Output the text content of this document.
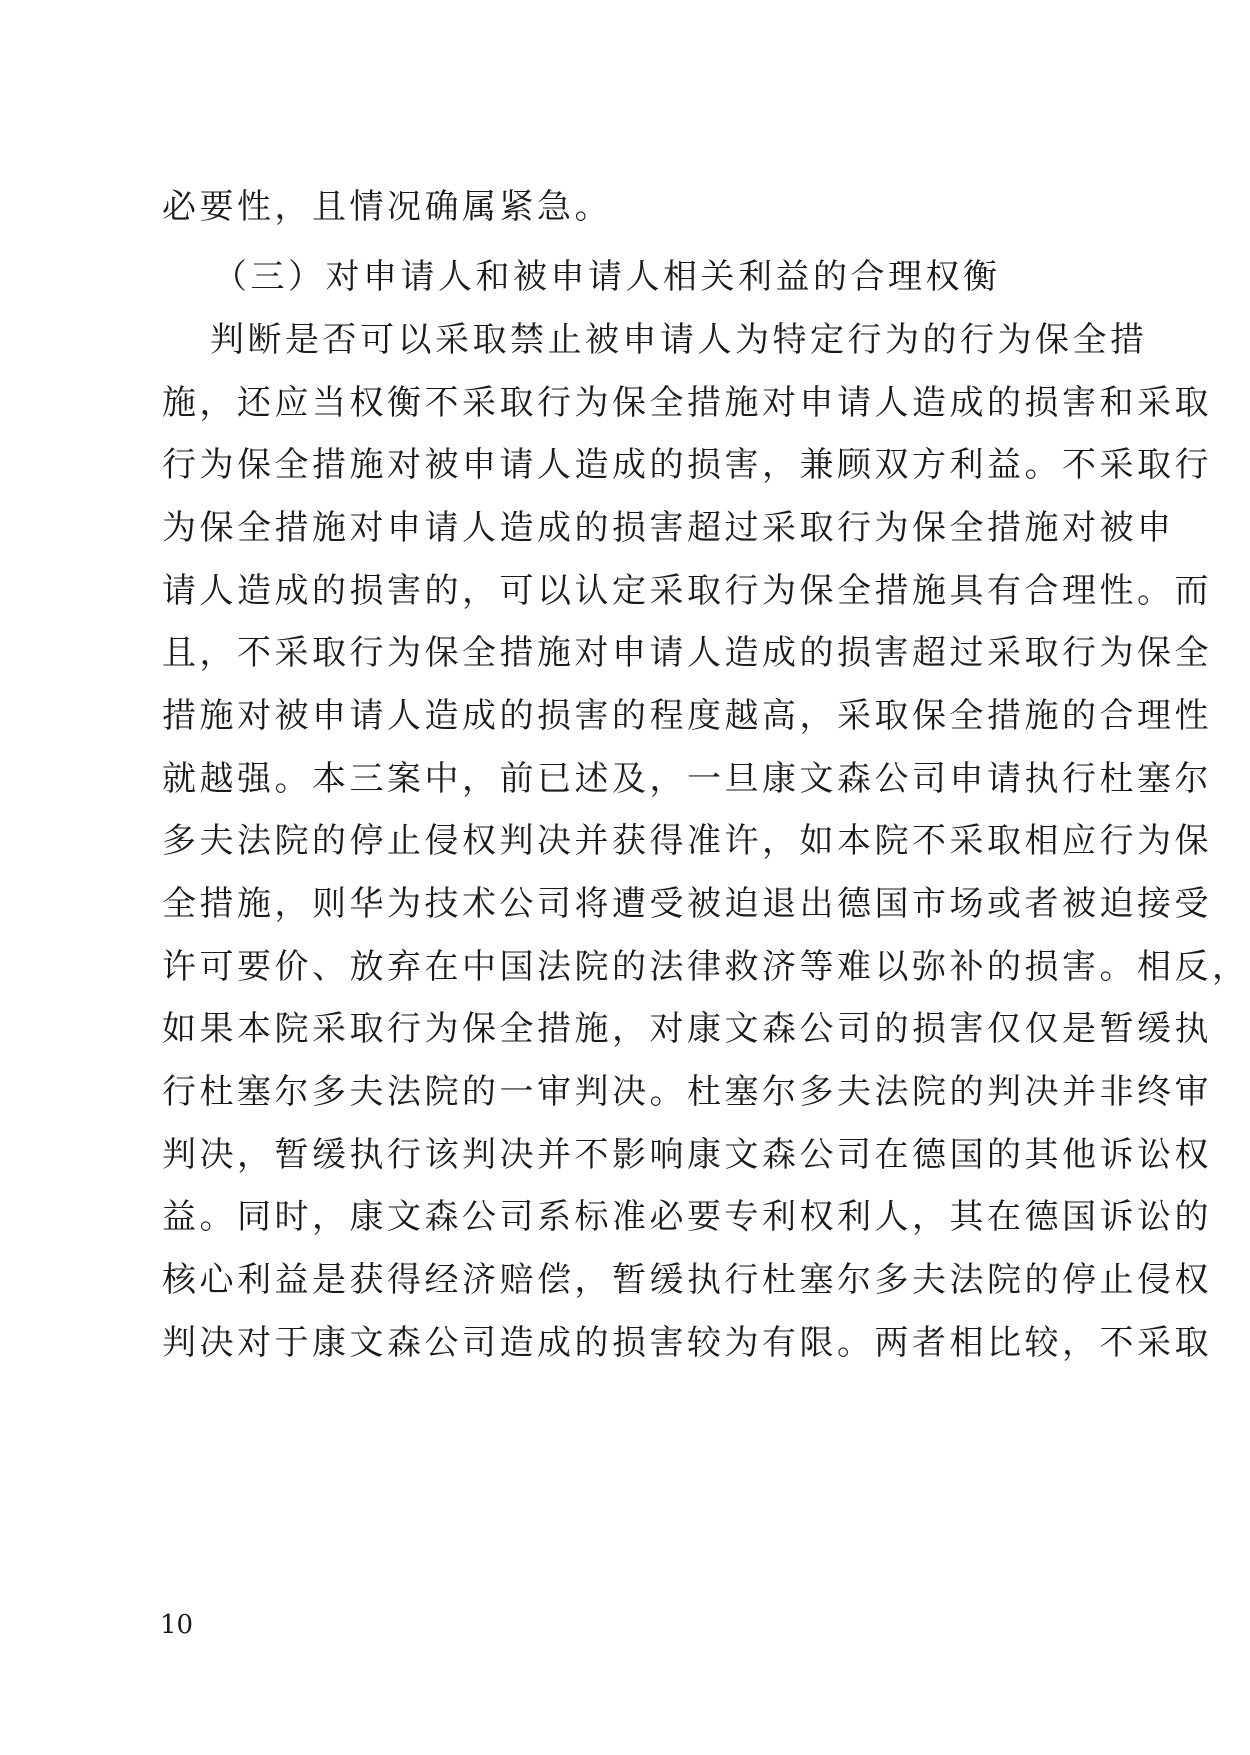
必要性，且情况确属紧急。
（三）对申请人和被申请人相关利益的合理权衡
判断是否可以采取禁止被申请人为特定行为的行为保全措
施，还应当权衡不采取行为保全措施对申请人造成的损害和采取
行为保全措施对被申请人造成的损害，兼顾双方利益。不采取行
为保全措施对申请人造成的损害超过采取行为保全措施对被申
请人造成的损害的，可以认定采取行为保全措施具有合理性。而
且，不采取行为保全措施对申请人造成的损害超过采取行为保全
措施对被申请人造成的损害的程度越高，采取保全措施的合理性
就越强。本三案中，前已述及，一旦康文森公司申请执行杜塞尔
多夫法院的停止侵权判决并获得准许，如本院不采取相应行为保
全措施，则华为技术公司将遭受被迫退出德国市场或者被迫接受
许可要价、放弃在中国法院的法律救济等难以弥补的损害。相反，
如果本院采取行为保全措施，对康文森公司的损害仅仅是暂缓执
行杜塞尔多夫法院的一审判决。杜塞尔多夫法院的判决并非终审
判决，暂缓执行该判决并不影响康文森公司在德国的其他诉讼权
益。同时，康文森公司系标准必要专利权利人，其在德国诉讼的
核心利益是获得经济赔偿，暂缓执行杜塞尔多夫法院的停止侵权
判决对于康文森公司造成的损害较为有限。两者相比较，不采取
10
